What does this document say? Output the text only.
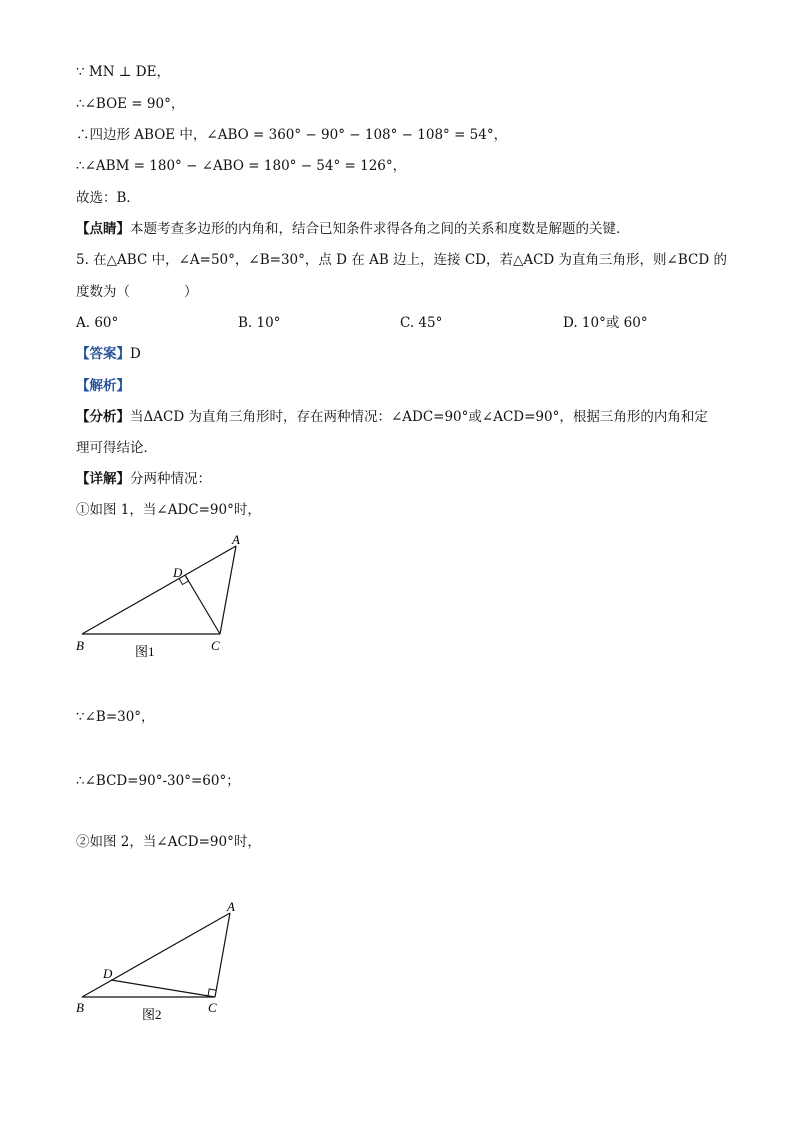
∵ MN ⊥ DE，
∴∠BOE = 90°，
∴四边形 ABOE 中，∠ABO = 360° − 90° − 108° − 108° = 54°，
∴∠ABM = 180° − ∠ABO = 180° − 54° = 126°，
故选：B．
【点睛】本题考查多边形的内角和，结合已知条件求得各角之间的关系和度数是解题的关键．
5. 在△ABC 中，∠A=50°，∠B=30°，点 D 在 AB 边上，连接 CD，若△ACD 为直角三角形，则∠BCD 的
度数为（　　　　）
A. 60°	B. 10°	C. 45°	D. 10°或 60°
【答案】D
【解析】
【分析】当ΔACD 为直角三角形时，存在两种情况：∠ADC=90°或∠ACD=90°，根据三角形的内角和定
理可得结论．
【详解】分两种情况：
①如图 1，当∠ADC=90°时，
A
D
B	C
图1
∵∠B=30°，
∴∠BCD=90°-30°=60°；
②如图 2，当∠ACD=90°时，
A
D
B	C
图2
